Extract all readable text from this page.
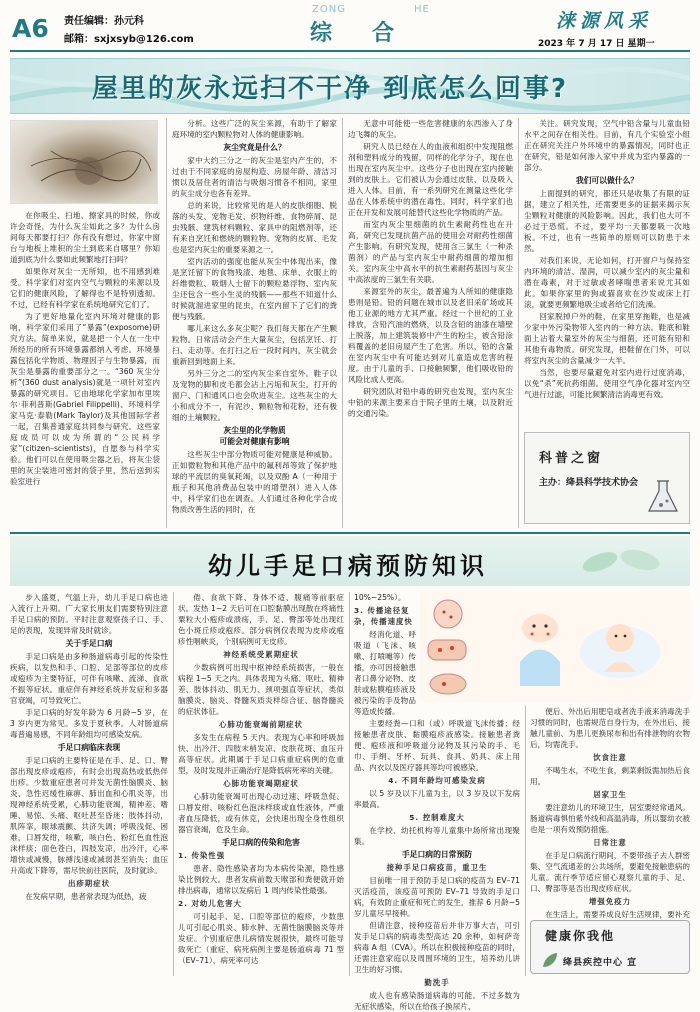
A6 责任编辑：孙元科
邮箱：sxjxsyb@126.com
ZONG	HE
综 合	涞源风采
2023 年 7 月 17 日 星期一
屋里的灰永远扫不干净 到底怎么回事?

在你吸尘、扫地、擦家具的时候，你或许会奇怪，为什么灰尘如此之多？为什么房间每天都要打扫？你有没有想过，你家中窗台与地板上堆积的尘土到底来自哪里？你知道到底为什么要如此频繁地打扫吗？

如果你对灰尘一无所知，也不用感到难受。科学家们对室内空气与颗粒的来源以及它们的健康风险，了解得也不是特别透彻。不过，已经有科学家在系统地研究它们了。

为了更好地量化室内环境对健康的影响，科学家们采用了“暴露”(exposome)研究方法。简单来说，就是把一个人在一生中所经历的所有环境暴露都纳入考虑。环境暴露包括化学物质、物理因子与生物暴露，而灰尘是暴露的重要部分之一。“360 灰尘分析”(360 dust analysis)就是一项针对室内暴露的研究项目。它由地球化学家加布里埃尔·菲利普斯(Gabriel Filippelli)、环境科学家马克·泰勒(Mark Taylor)及其他国际学者一起，召集普通家庭共同参与研究。这些家庭成员可以成为所谓的“公民科学家”(citizen–scientists)，自愿参与科学实验。他们可以在使用吸尘器之后，将灰尘袋里的灰尘装进可密封的袋子里，然后送到实验室进行

分析。这些广泛的灰尘来源，有助于了解家庭环境的室内颗粒物对人体的健康影响。

灰尘究竟是什么？

家中大约三分之一的灰尘是室内产生的，不过由于不同家庭的房屋构造、房屋年龄、清洁习惯以及居住者的清洁与吸烟习惯各不相同，家里的灰尘成分也各有差异。

总的来说，比较常见的是人的皮肤细胞、脱落的头发、宠物毛发、织物纤维、食物碎屑、昆虫残骸、建筑材料颗粒、家具中的阻燃剂等，还有来自烹饪和燃烧的颗粒物。宠物的皮屑、毛发也是室内灰尘的重要来源之一。

室内活动的强度也能从灰尘中体现出来，像是烹饪留下的食物残渣、地毯、床单、衣服上的纤维微粒、吸烟人士留下的颗粒悬浮物、室内灰尘还包含一些小生灵的残骸——那些不知道什么时候就溜进家里的昆虫，在室内留下了它们的粪便与残骸。

哪儿来这么多灰尘呢？我们每天都在产生颗粒物。日常活动会产生大量灰尘，包括烹饪、打扫、走动等。在打扫之后一段时间内，灰尘就会重新回到地面上来。

另外三分之二的室内灰尘来自室外。鞋子以及宠物的脚和皮毛都会沾上污垢和灰尘，打开的窗户、门和通风口也会吹进灰尘。这些灰尘的大小和成分不一，有泥沙、颗粒物和花粉，还有极细的土壤颗粒。

灰尘里的化学物质
可能会对健康有影响

这些灰尘中部分物质可能对健康是种威胁。正如微粒物和其他产品中的氟利昂等致了保护地球的平流层的臭氧耗竭，以及双酚 A（一种用于瓶子和其他消费品包装中的增塑剂）进入人体中，科学家们也在调查。人们通过各种化学合成物质改善生活的同时，在

无意中可能使一些危害健康的东西渗入了身边飞舞的灰尘。

研究人员已经在人的血液和组织中发现阻燃剂和塑料成分的残留，同样的化学分子，现在也出现在室内灰尘中。这些分子也出现在室内接触到的皮肤上。它们被认为会通过皮肤、以及吸入进入人体。目前，有一系列研究在测量这些化学品在人体系统中的潜在毒性。同时，科学家们也正在开发和发展可能替代这些化学物质的产品。

而室内灰尘里细菌的抗生素耐药性也在升高，研究已发现抗菌产品的使用会对耐药性细菌产生影响。有研究发现，使用含三氯生（一种杀菌剂）的产品与室内灰尘中耐药细菌的增加相关。室内灰尘中高水平的抗生素耐药基因与灰尘中高浓度的三氯生有关联。

来源室外的灰尘，最普遍为人所知的健康隐患则是铅。铅的问题在城市以及老旧采矿场或其他工业源的地方尤其严重。经过一个世纪的工业排放，含铅汽油的燃烧，以及含铅的油漆在墙壁上脱落，加上建筑装修中产生的粉尘，被含铅涂料覆盖的老旧房屋产生了危害。所以，铅的含量在室内灰尘中有可能达到对儿童造成危害的程度。由于儿童的手、口接触频繁，他们吸收铅的风险比成人更高。

研究团队对铅中毒的研究也发现，室内灰尘中铅的来源主要来自于院子里的土壤，以及附近的交通污染。

关注。研究发现，空气中铅含量与儿童血铅水平之间存在相关性。目前，有几个实验室小组正在研究关注户外环境中的暴露情况，同时也正在研究，铅是如何渗入家中并成为室内暴露的一部分。

我们可以做什么？

上面提到的研究，都还只是收集了有限的证据，建立了相关性，还需要更多的证据来揭示灰尘颗粒对健康的风险影响。因此，我们也大可不必过于恐慌。不过，要平均一天都要吸一次地板。不过，也有一些简单的原则可以防患于未然。

对我们来说，无论如何，打开窗户与保持室内环境的清洁、湿润，可以减少室内的灰尘量和潜在毒素，对于过敏或者哮喘患者来说尤其如此。如果你家里的狗或猫喜欢在沙发或床上打滚，就要更频繁地吸尘或者给它们洗澡。

回家脱掉户外的鞋，在家里穿拖鞋，也是减少家中外污染物带入室内的一种方法。鞋底和鞋面上沾着大量室外的灰尘与细菌，还可能有铅和其他有毒物质。研究发现，把鞋留在门外，可以将室内灰尘的含量减少一大半。

当然，也要尽量避免对室内进行过度消毒，以免“杀”死抗药细菌。使用空气净化器对室内空气进行过滤，可能比频繁清洁消毒更有效。

科普之窗
主办：绛县科学技术协会
幼儿手足口病预防知识

步入盛夏，气温上升，幼儿手足口病也进入流行上升期。广大家长朋友们需要特别注意手足口病的预防。平时注意观察孩子口、手、足的表现，发现异常及时就诊。

关于手足口病

手足口病是由多种肠道病毒引起的传染性疾病，以发热和手、口腔、足部等部位的皮疹或疱疹为主要特征，可伴有咳嗽、流涕、食欲不振等症状。重症伴有神经系统并发症和多器官衰竭，可导致死亡。

手足口病的好发年龄为 6 月龄~5 岁，在 3 岁内更为常见。多发于夏秋季。人对肠道病毒普遍易感，不同年龄组均可感染发病。

手足口病临床表现

手足口病的主要特征是在手、足、口、臀部出现皮疹或疱疹，有时会出现高热或低热伴出疹。少数重症患者可并发无菌性脑膜炎、脑炎、急性迟缓性麻痹、肺出血和心肌炎等，出现神经系统受累，心肺功能衰竭，精神差、嗜睡、易惊、头痛、呕吐甚至昏迷；肢体抖动，肌阵挛，眼球震颤、共济失调；呼吸浅促、困难，口唇发绀，咳嗽，咳白色、粉红色血性泡沫样痰；面色苍白，四肢发凉，出冷汗，心率增快或减慢，脉搏浅速或减弱甚至消失；血压升高或下降等，需尽快前往医院，及时就诊。

出疹期症状

在发病早期，患者常表现为低热，疲

倦、食欲下降、身体不适、腹痛等前驱症状。发热 1~2 天后可在口腔黏膜出现散在疼痛性粟粒大小疱疹或溃疡，手、足、臀部等处出现红色小斑丘疹或疱疹。部分病例仅表现为皮疹或疱疹性咽峡炎，个别病例可无皮疹。

神经系统受累期症状

少数病例可出现中枢神经系统损害，一般在病程 1~5 天之内。具体表现为头痛、呕吐、精神差、肢体抖动、肌无力、颈项强直等症状，类似脑膜炎、脑炎、脊髓灰质炎样综合征、脑脊髓炎的症状体征。

心肺功能衰竭前期症状

多发生在病程 5 天内。表现为心率和呼吸加快、出冷汗、四肢末梢发凉、皮肤花斑、血压升高等症状。此期属于手足口病重症病例的危重型，及时发现并正确治疗是降低病死率的关键。

心肺功能衰竭期症状

心肺功能衰竭可出现心动过速、呼吸急促、口唇发绀、咳粉红色泡沫样痰或血性液体，严重者血压降低，或有休克，会快速出现全身性组织器官衰竭，危及生命。

手足口病的传染和危害
1. 传染性强

患者、隐性感染者均为本病传染源，隐性感染比例较大。患者发病前数天喉部和粪便就开始排出病毒，通常以发病后 1 周内传染性最强。

2. 对幼儿危害大

可引起手、足、口腔等部位的疱疹，少数患儿可引起心肌炎、肺水肿、无菌性脑膜脑炎等并发症。个别重症患儿病情发展很快，最终可能导致死亡（重症、病死病例主要是肠道病毒 71 型（EV–71），病死率可达

10%~25%）。

3. 传播途径复杂，传播速度快

经消化道、呼吸道（飞沫、咳嗽、打喷嚏等）传播，亦可因接触患者口鼻分泌物、皮肤或粘膜疱疹液及被污染的手及物品等造成传播。

主要经粪—口和（或）呼吸道飞沫传播；经接触患者皮肤、黏膜疱疹液感染。接触患者粪便、疱疹液和呼吸道分泌物及其污染的手、毛巾、手绢、牙杯、玩具、食具、奶具、床上用品、内衣以及医疗器具等均可被感染。

4. 不同年龄均可感染发病

以 5 岁及以下儿童为主，以 3 岁及以下发病率最高。

5. 控制难度大

在学校、幼托机构等儿童集中场所常出现聚集。

手足口病的日常预防
接种手足口病疫苗，重卫生

目前唯一用于预防手足口病的疫苗为 EV–71 灭活疫苗，该疫苗可预防 EV–71 导致的手足口病，有效防止重症和死亡的发生，推荐 6 月龄~5 岁儿童尽早接种。

但请注意，接种疫苗后并非万事大吉，可引发手足口病的病毒类型高达 20 余种，如柯萨奇病毒 A 组（CVA）。所以在积极接种疫苗的同时，还需注意家庭以及周围环境的卫生，培养幼儿讲卫生的好习惯。

勤洗手

成人也有感染肠道病毒的可能。不过多数为无症状感染，所以在给孩子换尿片、

便后、外出后用肥皂或者洗手液来消毒洗手习惯的同时，也需规范自身行为，在外出后、接触儿童前、为患儿更换尿布和出有排泄物的衣物后，均需洗手。

饮食注意

不喝生水，不吃生食，剩菜剩饭需加热后食用。

居家卫生

要注意幼儿的环境卫生，居室要经常通风。肠道病毒惧怕紫外线和高温消毒，所以婴幼衣被也是一项有效预防措施。

日常注意

在手足口病流行期间，不要带孩子去人群密集、空气流通差的公共场所，要避免接触患病的儿童。流行季节适应留心观察儿童的手、足、口、臀部等是否出现皮疹症状。

增强免疫力

在生活上，需要养成良好生活规律，要补充

健康你我他
绛县疾控中心 宣
